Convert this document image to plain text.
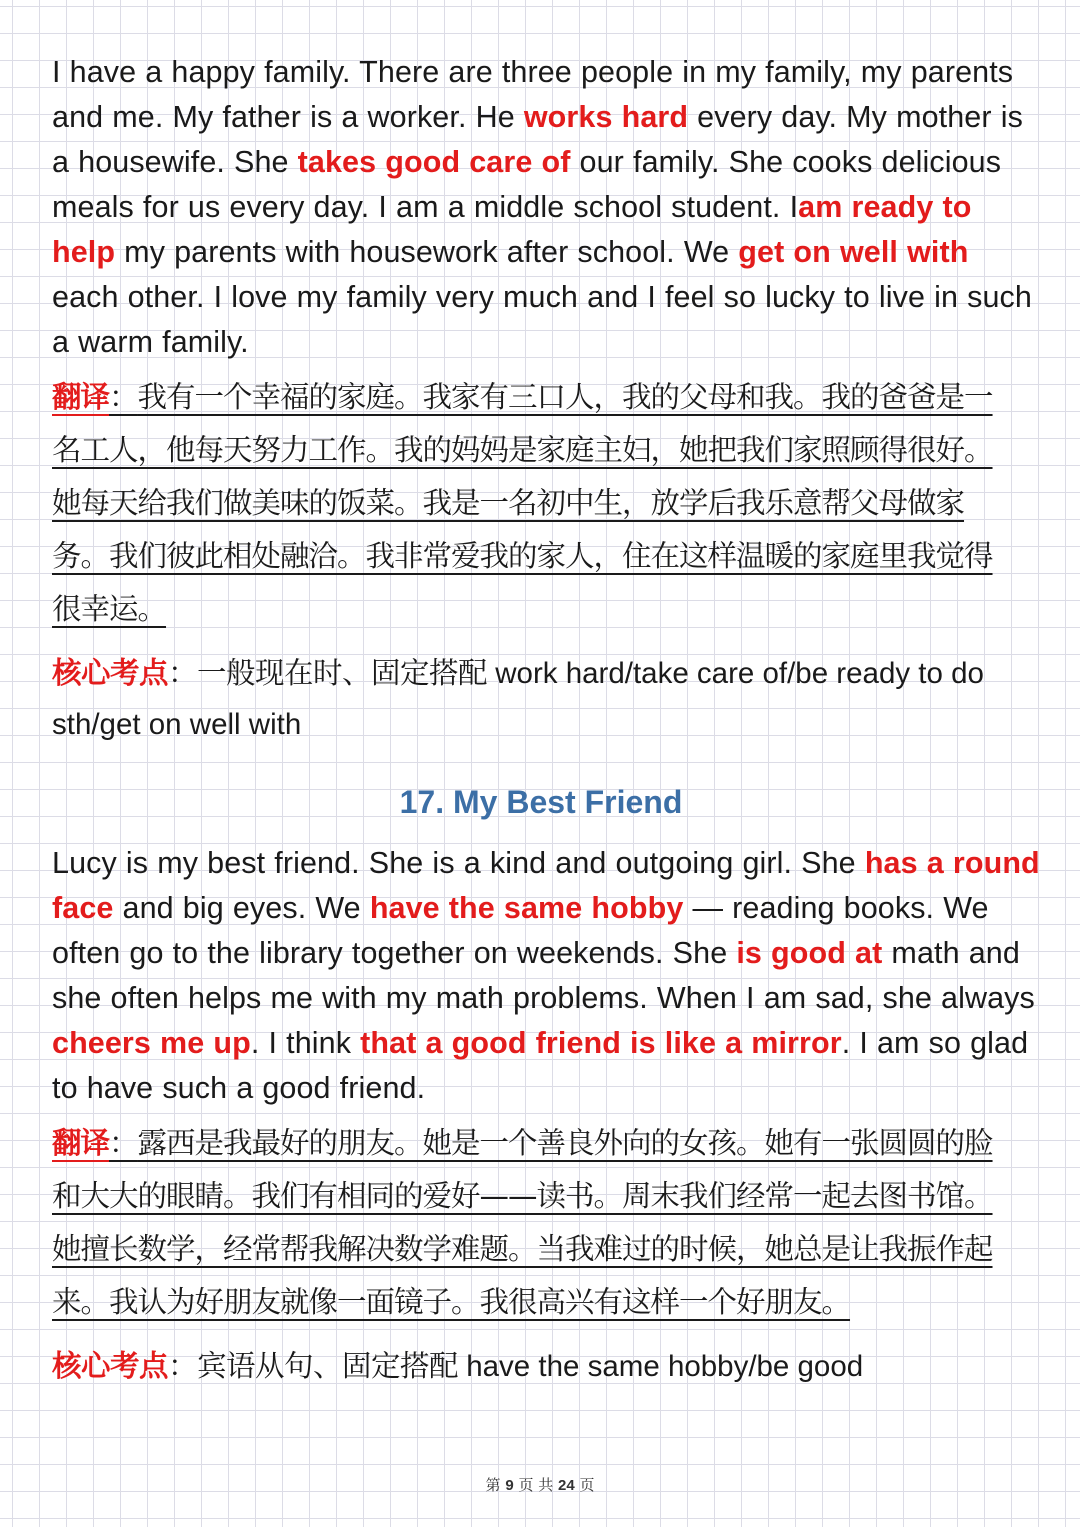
I have a happy family. There are three people in my family, my parents and me. My father is a worker. He works hard every day. My mother is a housewife. She takes good care of our family. She cooks delicious meals for us every day. I am a middle school student. Iam ready to help my parents with housework after school. We get on well with each other. I love my family very much and I feel so lucky to live in such a warm family.

翻译：我有一个幸福的家庭。我家有三口人，我的父母和我。我的爸爸是一名工人，他每天努力工作。我的妈妈是家庭主妇，她把我们家照顾得很好。她每天给我们做美味的饭菜。我是一名初中生，放学后我乐意帮父母做家务。我们彼此相处融洽。我非常爱我的家人，住在这样温暖的家庭里我觉得很幸运。

核心考点：一般现在时、固定搭配 work hard/take care of/be ready to do sth/get on well with

17. My Best Friend

Lucy is my best friend. She is a kind and outgoing girl. She has a round face and big eyes. We have the same hobby — reading books. We often go to the library together on weekends. She is good at math and she often helps me with my math problems. When I am sad, she always cheers me up. I think that a good friend is like a mirror. I am so glad to have such a good friend.

翻译：露西是我最好的朋友。她是一个善良外向的女孩。她有一张圆圆的脸和大大的眼睛。我们有相同的爱好——读书。周末我们经常一起去图书馆。她擅长数学，经常帮我解决数学难题。当我难过的时候，她总是让我振作起来。我认为好朋友就像一面镜子。我很高兴有这样一个好朋友。

核心考点：宾语从句、固定搭配 have the same hobby/be good

第 9 页 共 24 页
